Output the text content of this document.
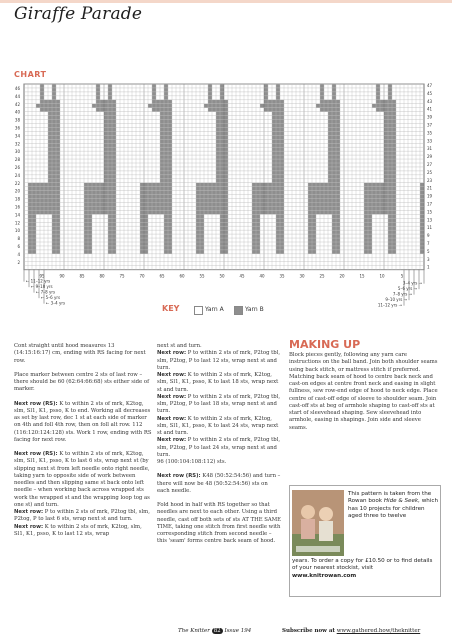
Giraffe Parade
CHART
46
44
42
40
38
36
34
32
30
28
26
24
22
20
18
16
14
12
10
8
6
4
2
47
45
43
41
39
37
35
33
31
29
27
25
23
21
19
17
15
13
11
9
7
5
3
1
95	90	85	80	75	70	65	60	55	50	45	40	35	30	25	20	15	10	5
← 3–4 yrs
← 5–6 yrs
← 7–8 yrs
← 9–10 yrs
← 11–12 yrs	3–4 yrs →
5–6 yrs →
7–8 yrs →
9–10 yrs →
11–12 yrs →
KEY	Yarn A	Yarn B

Cont straight until hood measures 13 (14:15:16:17) cm, ending with RS facing for next row.

Place marker between centre 2 sts of last row – there should be 60 (62:64:66:68) sts either side of marker.

Next row (RS): K to within 2 sts of mrk, K2tog, slm, Sl1, K1, psso, K to end. Working all decreases as set by last row, dec 1 st at each side of marker on 4th and foll 4th row, then on foll alt row. 112 (116:120:124:128) sts. Work 1 row, ending with RS facing for next row.

Next row (RS): K to within 2 sts of mrk, K2tog, slm, Sl1, K1, psso, K to last 6 sts, wrap next st (by slipping next st from left needle onto right needle, taking yarn to opposite side of work between needles and then slipping same st back onto left needle – when working back across wrapped sts work the wrapped st and the wrapping loop tog as one st) and turn.

Next row: P to within 2 sts of mrk, P2tog tbl, slm, P2tog, P to last 6 sts, wrap next st and turn.

Next row: K to within 2 sts of mrk, K2tog, slm, Sl1, K1, psso, K to last 12 sts, wrap

next st and turn.
Next row: P to within 2 sts of mrk, P2tog tbl, slm, P2tog, P to last 12 sts, wrap next st and turn.
Next row: K to within 2 sts of mrk, K2tog, slm, Sl1, K1, psso, K to last 18 sts, wrap next st and turn.
Next row: P to within 2 sts of mrk, P2tog tbl, slm, P2tog, P to last 18 sts, wrap next st and turn.
Next row: K to within 2 sts of mrk, K2tog, slm, Sl1, K1, psso, K to last 24 sts, wrap next st and turn.
Next row: P to within 2 sts of mrk, P2tog tbl, slm, P2tog, P to last 24 sts, wrap next st and turn.
96 (100:104:108:112) sts.

Next row (RS): K48 (50:52:54:56) and turn – there will now be 48 (50:52:54:56) sts on each needle.

Fold hood in half with RS together so that needles are next to each other. Using a third needle, cast off both sets of sts AT THE SAME TIME, taking one stitch from first needle with corresponding stitch from second needle – this 'seam' forms centre back seam of hood.

MAKING UP

Block pieces gently, following any yarn care instructions on the ball band. Join both shoulder seams using back stitch, or mattress stitch if preferred. Matching back seam of hood to centre back neck and cast-on edges at centre front neck and easing in slight fullness, sew row-end edge of hood to neck edge. Place centre of cast-off edge of sleeve to shoulder seam. Join cast-off sts at beg of armhole shaping to cast-off sts at start of sleevehead shaping. Sew sleevehead into armhole, easing in shapings. Join side and sleeve seams.

This pattern is taken from the Rowan book Hide & Seek, which has 10 projects for children aged three to twelve
years. To order a copy for £10.50 or to find details of your nearest stockist, visit www.knitrowan.com
The Knitter 82 Issue 194	Subscribe now at www.gathered.how/theknitter
